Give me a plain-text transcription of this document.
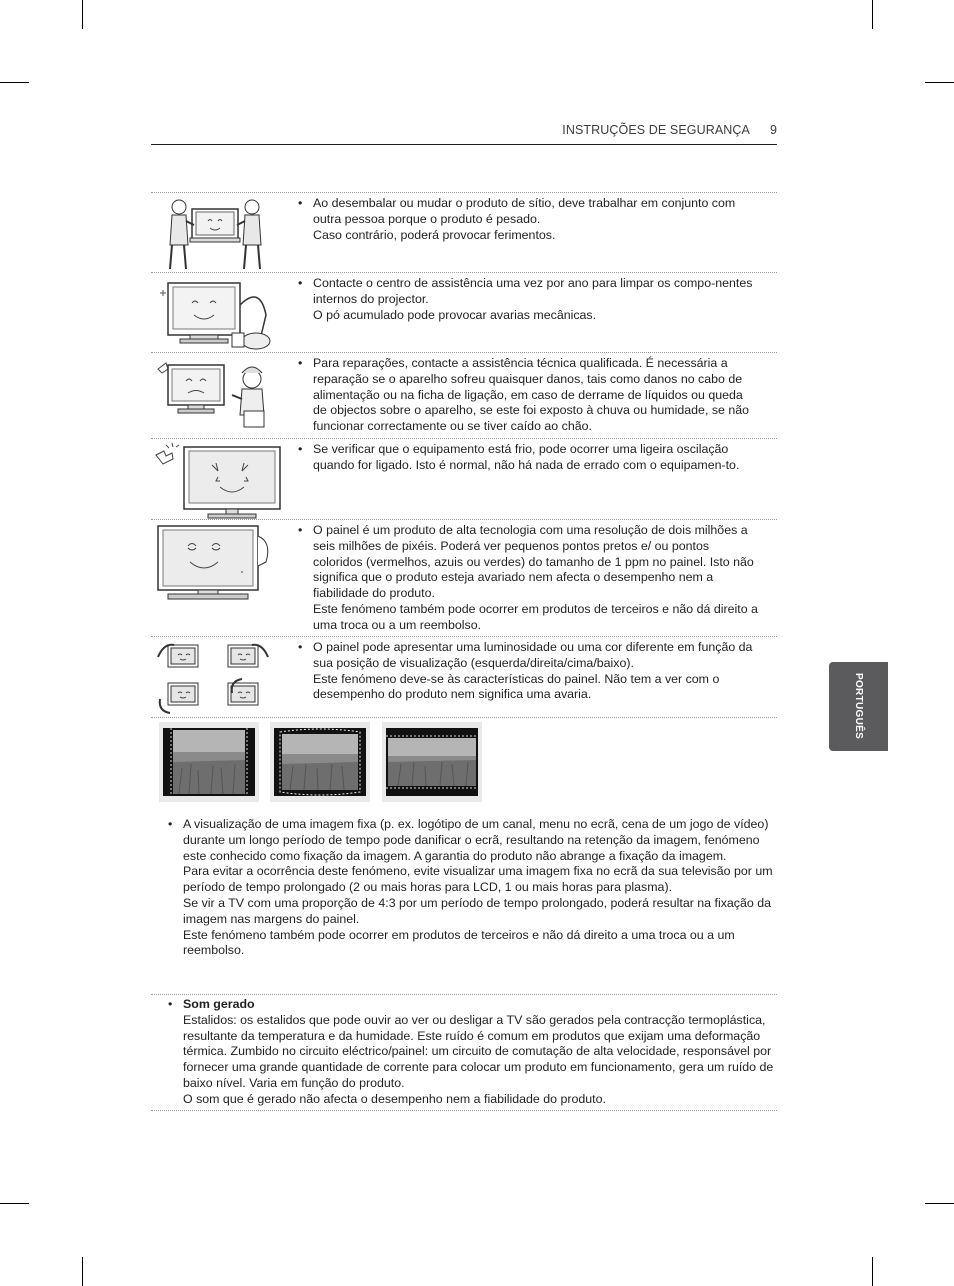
INSTRUÇÕES DE SEGURANÇA 9
PORTUGUÊS
• Ao desembalar ou mudar o produto de sítio, deve trabalhar em conjunto com outra pessoa porque o produto é pesado.
Caso contrário, poderá provocar ferimentos.
• Contacte o centro de assistência uma vez por ano para limpar os compo-nentes internos do projector.
O pó acumulado pode provocar avarias mecânicas.
• Para reparações, contacte a assistência técnica qualificada. É necessária a reparação se o aparelho sofreu quaisquer danos, tais como danos no cabo de alimentação ou na ficha de ligação, em caso de derrame de líquidos ou queda de objectos sobre o aparelho, se este foi exposto à chuva ou humidade, se não funcionar correctamente ou se tiver caído ao chão.
• Se verificar que o equipamento está frio, pode ocorrer uma ligeira oscilação quando for ligado. Isto é normal, não há nada de errado com o equipamen-to.
• O painel é um produto de alta tecnologia com uma resolução de dois milhões a seis milhões de pixéis. Poderá ver pequenos pontos pretos e/ ou pontos coloridos (vermelhos, azuis ou verdes) do tamanho de 1 ppm no painel. Isto não significa que o produto esteja avariado nem afecta o desempenho nem a fiabilidade do produto.
Este fenómeno também pode ocorrer em produtos de terceiros e não dá direito a uma troca ou a um reembolso.
• O painel pode apresentar uma luminosidade ou uma cor diferente em função da sua posição de visualização (esquerda/direita/cima/baixo).
Este fenómeno deve-se às características do painel. Não tem a ver com o desempenho do produto nem significa uma avaria.
• A visualização de uma imagem fixa (p. ex. logótipo de um canal, menu no ecrã, cena de um jogo de vídeo) durante um longo período de tempo pode danificar o ecrã, resultando na retenção da imagem, fenómeno este conhecido como fixação da imagem. A garantia do produto não abrange a fixação da imagem.
Para evitar a ocorrência deste fenómeno, evite visualizar uma imagem fixa no ecrã da sua televisão por um período de tempo prolongado (2 ou mais horas para LCD, 1 ou mais horas para plasma).
Se vir a TV com uma proporção de 4:3 por um período de tempo prolongado, poderá resultar na fixação da imagem nas margens do painel.
Este fenómeno também pode ocorrer em produtos de terceiros e não dá direito a uma troca ou a um reembolso.
• Som gerado
Estalidos: os estalidos que pode ouvir ao ver ou desligar a TV são gerados pela contracção termoplástica, resultante da temperatura e da humidade. Este ruído é comum em produtos que exijam uma deformação térmica. Zumbido no circuito eléctrico/painel: um circuito de comutação de alta velocidade, responsável por fornecer uma grande quantidade de corrente para colocar um produto em funcionamento, gera um ruído de baixo nível. Varia em função do produto.
O som que é gerado não afecta o desempenho nem a fiabilidade do produto.
